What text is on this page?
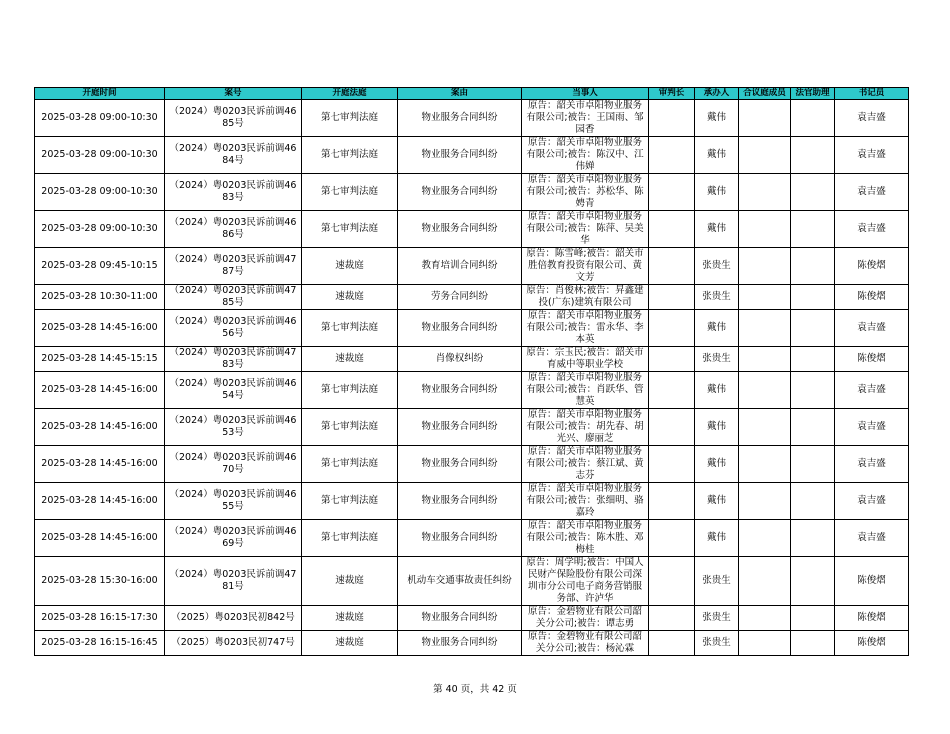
开庭时间	案号	开庭法庭	案由	当事人	审判长	承办人	合议庭成员	法官助理	书记员
2025-03-28 09:00-10:30	（2024）粤0203民诉前调4685号	第七审判法庭	物业服务合同纠纷	原告：韶关市卓阳物业服务有限公司;被告：王国雨、邹园香		戴伟			袁吉盛
2025-03-28 09:00-10:30	（2024）粤0203民诉前调4684号	第七审判法庭	物业服务合同纠纷	原告：韶关市卓阳物业服务有限公司;被告：陈汉中、江伟婵		戴伟			袁吉盛
2025-03-28 09:00-10:30	（2024）粤0203民诉前调4683号	第七审判法庭	物业服务合同纠纷	原告：韶关市卓阳物业服务有限公司;被告：苏松华、陈娉青		戴伟			袁吉盛
2025-03-28 09:00-10:30	（2024）粤0203民诉前调4686号	第七审判法庭	物业服务合同纠纷	原告：韶关市卓阳物业服务有限公司;被告：陈萍、吴美华		戴伟			袁吉盛
2025-03-28 09:45-10:15	（2024）粤0203民诉前调4787号	速裁庭	教育培训合同纠纷	原告：陈雪峰;被告：韶关市胜倍教育投资有限公司、黄文芳		张贵生			陈俊熠
2025-03-28 10:30-11:00	（2024）粤0203民诉前调4785号	速裁庭	劳务合同纠纷	原告：肖俊林;被告：昇鑫建投(广东)建筑有限公司		张贵生			陈俊熠
2025-03-28 14:45-16:00	（2024）粤0203民诉前调4656号	第七审判法庭	物业服务合同纠纷	原告：韶关市卓阳物业服务有限公司;被告：雷永华、李本英		戴伟			袁吉盛
2025-03-28 14:45-15:15	（2024）粤0203民诉前调4783号	速裁庭	肖像权纠纷	原告：宗玉民;被告：韶关市育威中等职业学校		张贵生			陈俊熠
2025-03-28 14:45-16:00	（2024）粤0203民诉前调4654号	第七审判法庭	物业服务合同纠纷	原告：韶关市卓阳物业服务有限公司;被告：肖跃华、管慧英		戴伟			袁吉盛
2025-03-28 14:45-16:00	（2024）粤0203民诉前调4653号	第七审判法庭	物业服务合同纠纷	原告：韶关市卓阳物业服务有限公司;被告：胡先春、胡光兴、廖丽芝		戴伟			袁吉盛
2025-03-28 14:45-16:00	（2024）粤0203民诉前调4670号	第七审判法庭	物业服务合同纠纷	原告：韶关市卓阳物业服务有限公司;被告：蔡江斌、黄志芬		戴伟			袁吉盛
2025-03-28 14:45-16:00	（2024）粤0203民诉前调4655号	第七审判法庭	物业服务合同纠纷	原告：韶关市卓阳物业服务有限公司;被告：张细明、骆嘉玲		戴伟			袁吉盛
2025-03-28 14:45-16:00	（2024）粤0203民诉前调4669号	第七审判法庭	物业服务合同纠纷	原告：韶关市卓阳物业服务有限公司;被告：陈木胜、邓梅桂		戴伟			袁吉盛
2025-03-28 15:30-16:00	（2024）粤0203民诉前调4781号	速裁庭	机动车交通事故责任纠纷	原告：周学明;被告：中国人民财产保险股份有限公司深圳市分公司电子商务营销服务部、许泸华		张贵生			陈俊熠
2025-03-28 16:15-17:30	（2025）粤0203民初842号	速裁庭	物业服务合同纠纷	原告：金碧物业有限公司韶关分公司;被告：谭志勇		张贵生			陈俊熠
2025-03-28 16:15-16:45	（2025）粤0203民初747号	速裁庭	物业服务合同纠纷	原告：金碧物业有限公司韶关分公司;被告：杨沁霖		张贵生			陈俊熠
第 40 页，共 42 页
